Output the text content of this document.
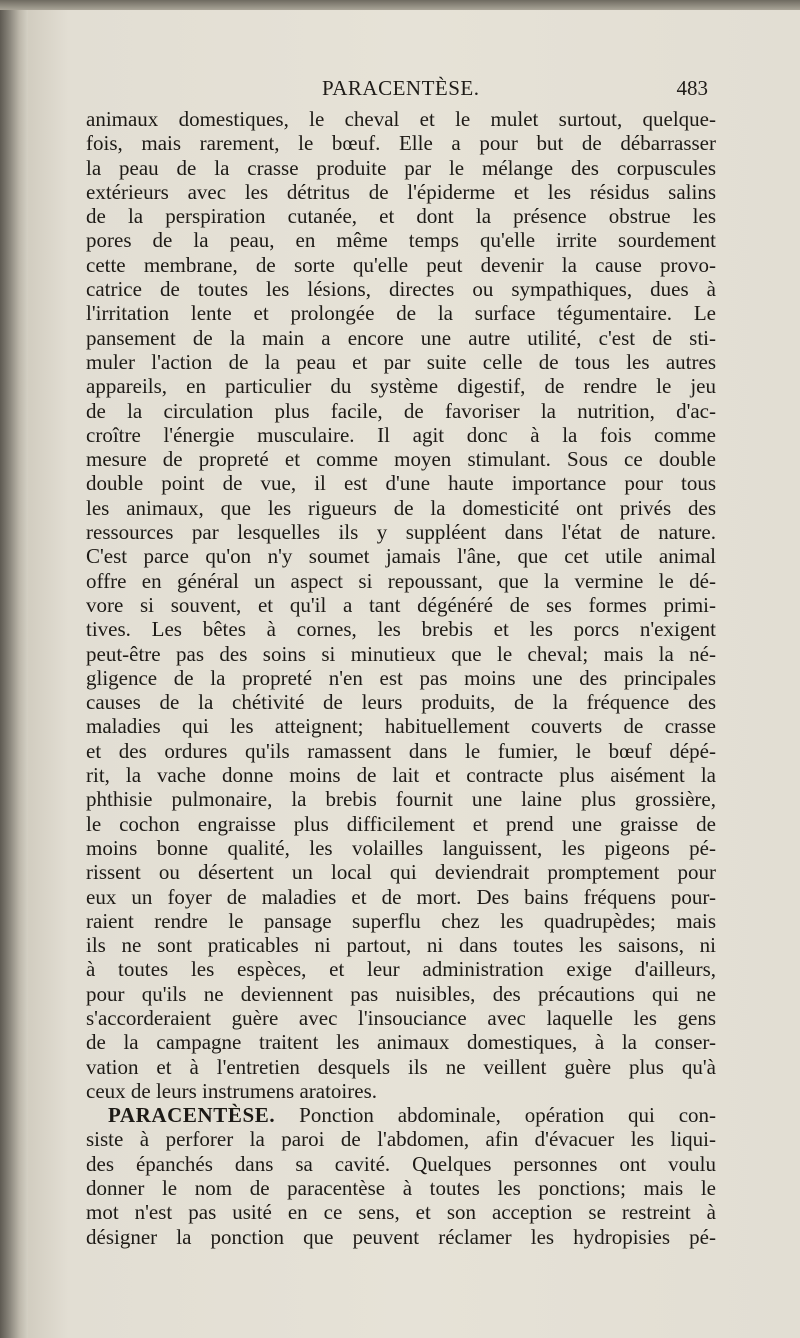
PARACENTÈSE.	483
animaux domestiques, le cheval et le mulet surtout, quelque-
fois, mais rarement, le bœuf. Elle a pour but de débarrasser
la peau de la crasse produite par le mélange des corpuscules
extérieurs avec les détritus de l'épiderme et les résidus salins
de la perspiration cutanée, et dont la présence obstrue les
pores de la peau, en même temps qu'elle irrite sourdement
cette membrane, de sorte qu'elle peut devenir la cause provo-
catrice de toutes les lésions, directes ou sympathiques, dues à
l'irritation lente et prolongée de la surface tégumentaire. Le
pansement de la main a encore une autre utilité, c'est de sti-
muler l'action de la peau et par suite celle de tous les autres
appareils, en particulier du système digestif, de rendre le jeu
de la circulation plus facile, de favoriser la nutrition, d'ac-
croître l'énergie musculaire. Il agit donc à la fois comme
mesure de propreté et comme moyen stimulant. Sous ce double
double point de vue, il est d'une haute importance pour tous
les animaux, que les rigueurs de la domesticité ont privés des
ressources par lesquelles ils y suppléent dans l'état de nature.
C'est parce qu'on n'y soumet jamais l'âne, que cet utile animal
offre en général un aspect si repoussant, que la vermine le dé-
vore si souvent, et qu'il a tant dégénéré de ses formes primi-
tives. Les bêtes à cornes, les brebis et les porcs n'exigent
peut-être pas des soins si minutieux que le cheval; mais la né-
gligence de la propreté n'en est pas moins une des principales
causes de la chétivité de leurs produits, de la fréquence des
maladies qui les atteignent; habituellement couverts de crasse
et des ordures qu'ils ramassent dans le fumier, le bœuf dépé-
rit, la vache donne moins de lait et contracte plus aisément la
phthisie pulmonaire, la brebis fournit une laine plus grossière,
le cochon engraisse plus difficilement et prend une graisse de
moins bonne qualité, les volailles languissent, les pigeons pé-
rissent ou désertent un local qui deviendrait promptement pour
eux un foyer de maladies et de mort. Des bains fréquens pour-
raient rendre le pansage superflu chez les quadrupèdes; mais
ils ne sont praticables ni partout, ni dans toutes les saisons, ni
à toutes les espèces, et leur administration exige d'ailleurs,
pour qu'ils ne deviennent pas nuisibles, des précautions qui ne
s'accorderaient guère avec l'insouciance avec laquelle les gens
de la campagne traitent les animaux domestiques, à la conser-
vation et à l'entretien desquels ils ne veillent guère plus qu'à
ceux de leurs instrumens aratoires.
PARACENTÈSE. Ponction abdominale, opération qui con-
siste à perforer la paroi de l'abdomen, afin d'évacuer les liqui-
des épanchés dans sa cavité. Quelques personnes ont voulu
donner le nom de paracentèse à toutes les ponctions; mais le
mot n'est pas usité en ce sens, et son acception se restreint à
désigner la ponction que peuvent réclamer les hydropisies pé-
